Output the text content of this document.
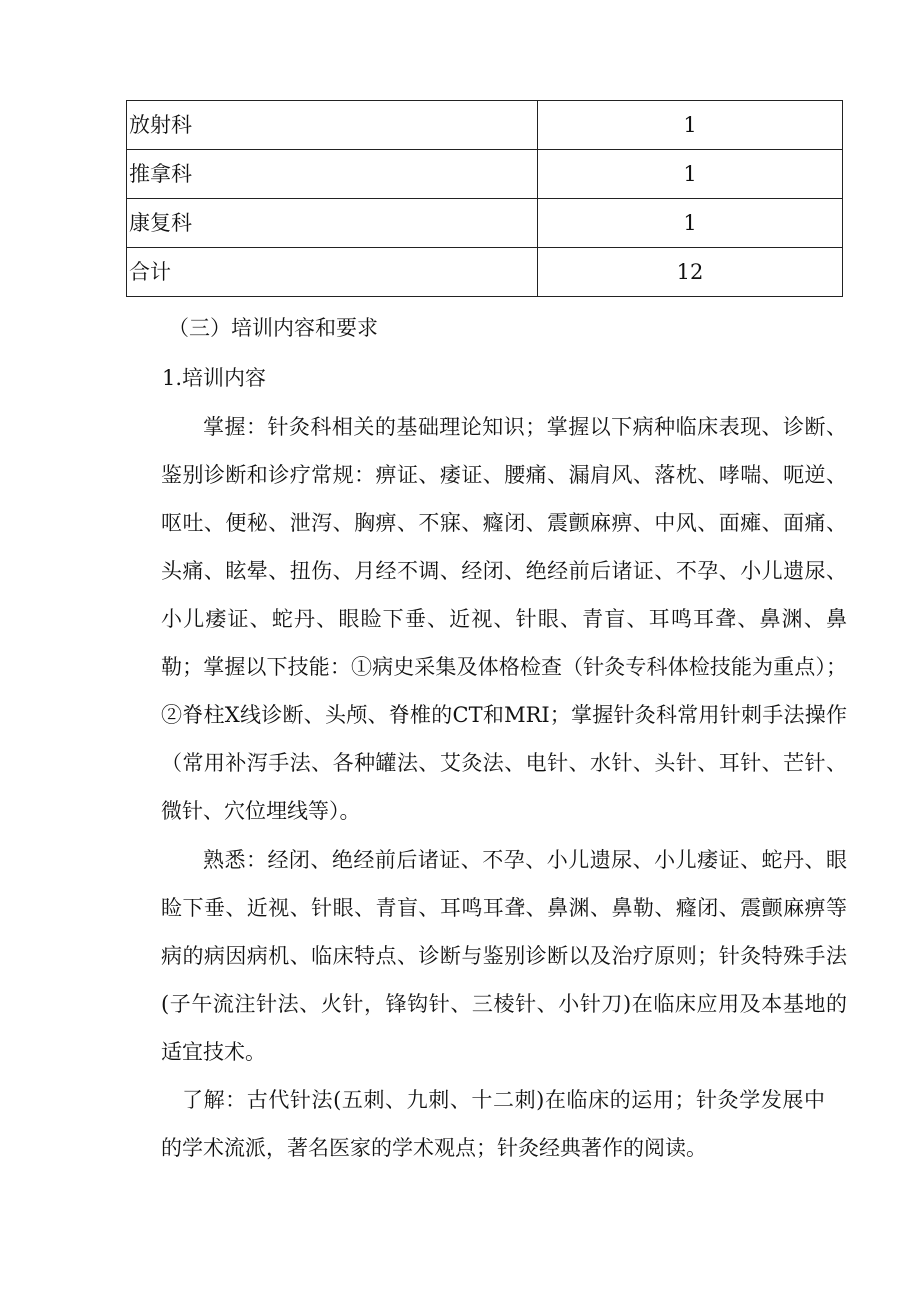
放射科	1
推拿科	1
康复科	1
合计	12
（三）培训内容和要求
1.培训内容
掌握：针灸科相关的基础理论知识；掌握以下病种临床表现、诊断、鉴别诊断和诊疗常规：痹证、痿证、腰痛、漏肩风、落枕、哮喘、呃逆、呕吐、便秘、泄泻、胸痹、不寐、癃闭、震颤麻痹、中风、面瘫、面痛、头痛、眩晕、扭伤、月经不调、经闭、绝经前后诸证、不孕、小儿遗尿、小儿痿证、蛇丹、眼睑下垂、近视、针眼、青盲、耳鸣耳聋、鼻渊、鼻勒；掌握以下技能：①病史采集及体格检查（针灸专科体检技能为重点）；②脊柱X线诊断、头颅、脊椎的CT和MRI；掌握针灸科常用针刺手法操作（常用补泻手法、各种罐法、艾灸法、电针、水针、头针、耳针、芒针、微针、穴位埋线等）。
熟悉：经闭、绝经前后诸证、不孕、小儿遗尿、小儿痿证、蛇丹、眼睑下垂、近视、针眼、青盲、耳鸣耳聋、鼻渊、鼻勒、癃闭、震颤麻痹等病的病因病机、临床特点、诊断与鉴别诊断以及治疗原则；针灸特殊手法(子午流注针法、火针，锋钩针、三棱针、小针刀)在临床应用及本基地的适宜技术。
了解：古代针法(五刺、九刺、十二刺)在临床的运用；针灸学发展中的学术流派，著名医家的学术观点；针灸经典著作的阅读。
